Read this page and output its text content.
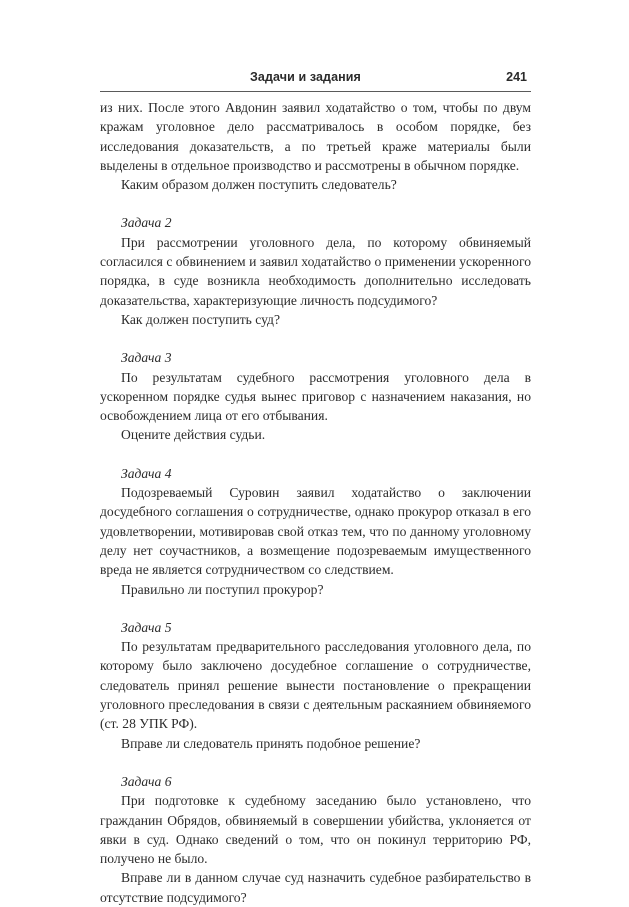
Задачи и задания	241

из них. После этого Авдонин заявил ходатайство о том, чтобы по двум кражам уголовное дело рассматривалось в особом порядке, без исследования доказательств, а по третьей краже материалы были выделены в отдельное производство и рассмотрены в обычном порядке.

Каким образом должен поступить следователь?

Задача 2

При рассмотрении уголовного дела, по которому обвиняемый согласился с обвинением и заявил ходатайство о применении ускоренного порядка, в суде возникла необходимость дополнительно исследовать доказательства, характеризующие личность подсудимого?

Как должен поступить суд?

Задача 3

По результатам судебного рассмотрения уголовного дела в ускоренном порядке судья вынес приговор с назначением наказания, но освобождением лица от его отбывания.

Оцените действия судьи.

Задача 4

Подозреваемый Суровин заявил ходатайство о заключении досудебного соглашения о сотрудничестве, однако прокурор отказал в его удовлетворении, мотивировав свой отказ тем, что по данному уголовному делу нет соучастников, а возмещение подозреваемым имущественного вреда не является сотрудничеством со следствием.

Правильно ли поступил прокурор?

Задача 5

По результатам предварительного расследования уголовного дела, по которому было заключено досудебное соглашение о сотрудничестве, следователь принял решение вынести постановление о прекращении уголовного преследования в связи с деятельным раскаянием обвиняемого (ст. 28 УПК РФ).

Вправе ли следователь принять подобное решение?

Задача 6

При подготовке к судебному заседанию было установлено, что гражданин Обрядов, обвиняемый в совершении убийства, уклоняется от явки в суд. Однако сведений о том, что он покинул территорию РФ, получено не было.

Вправе ли в данном случае суд назначить судебное разбирательство в отсутствие подсудимого?
